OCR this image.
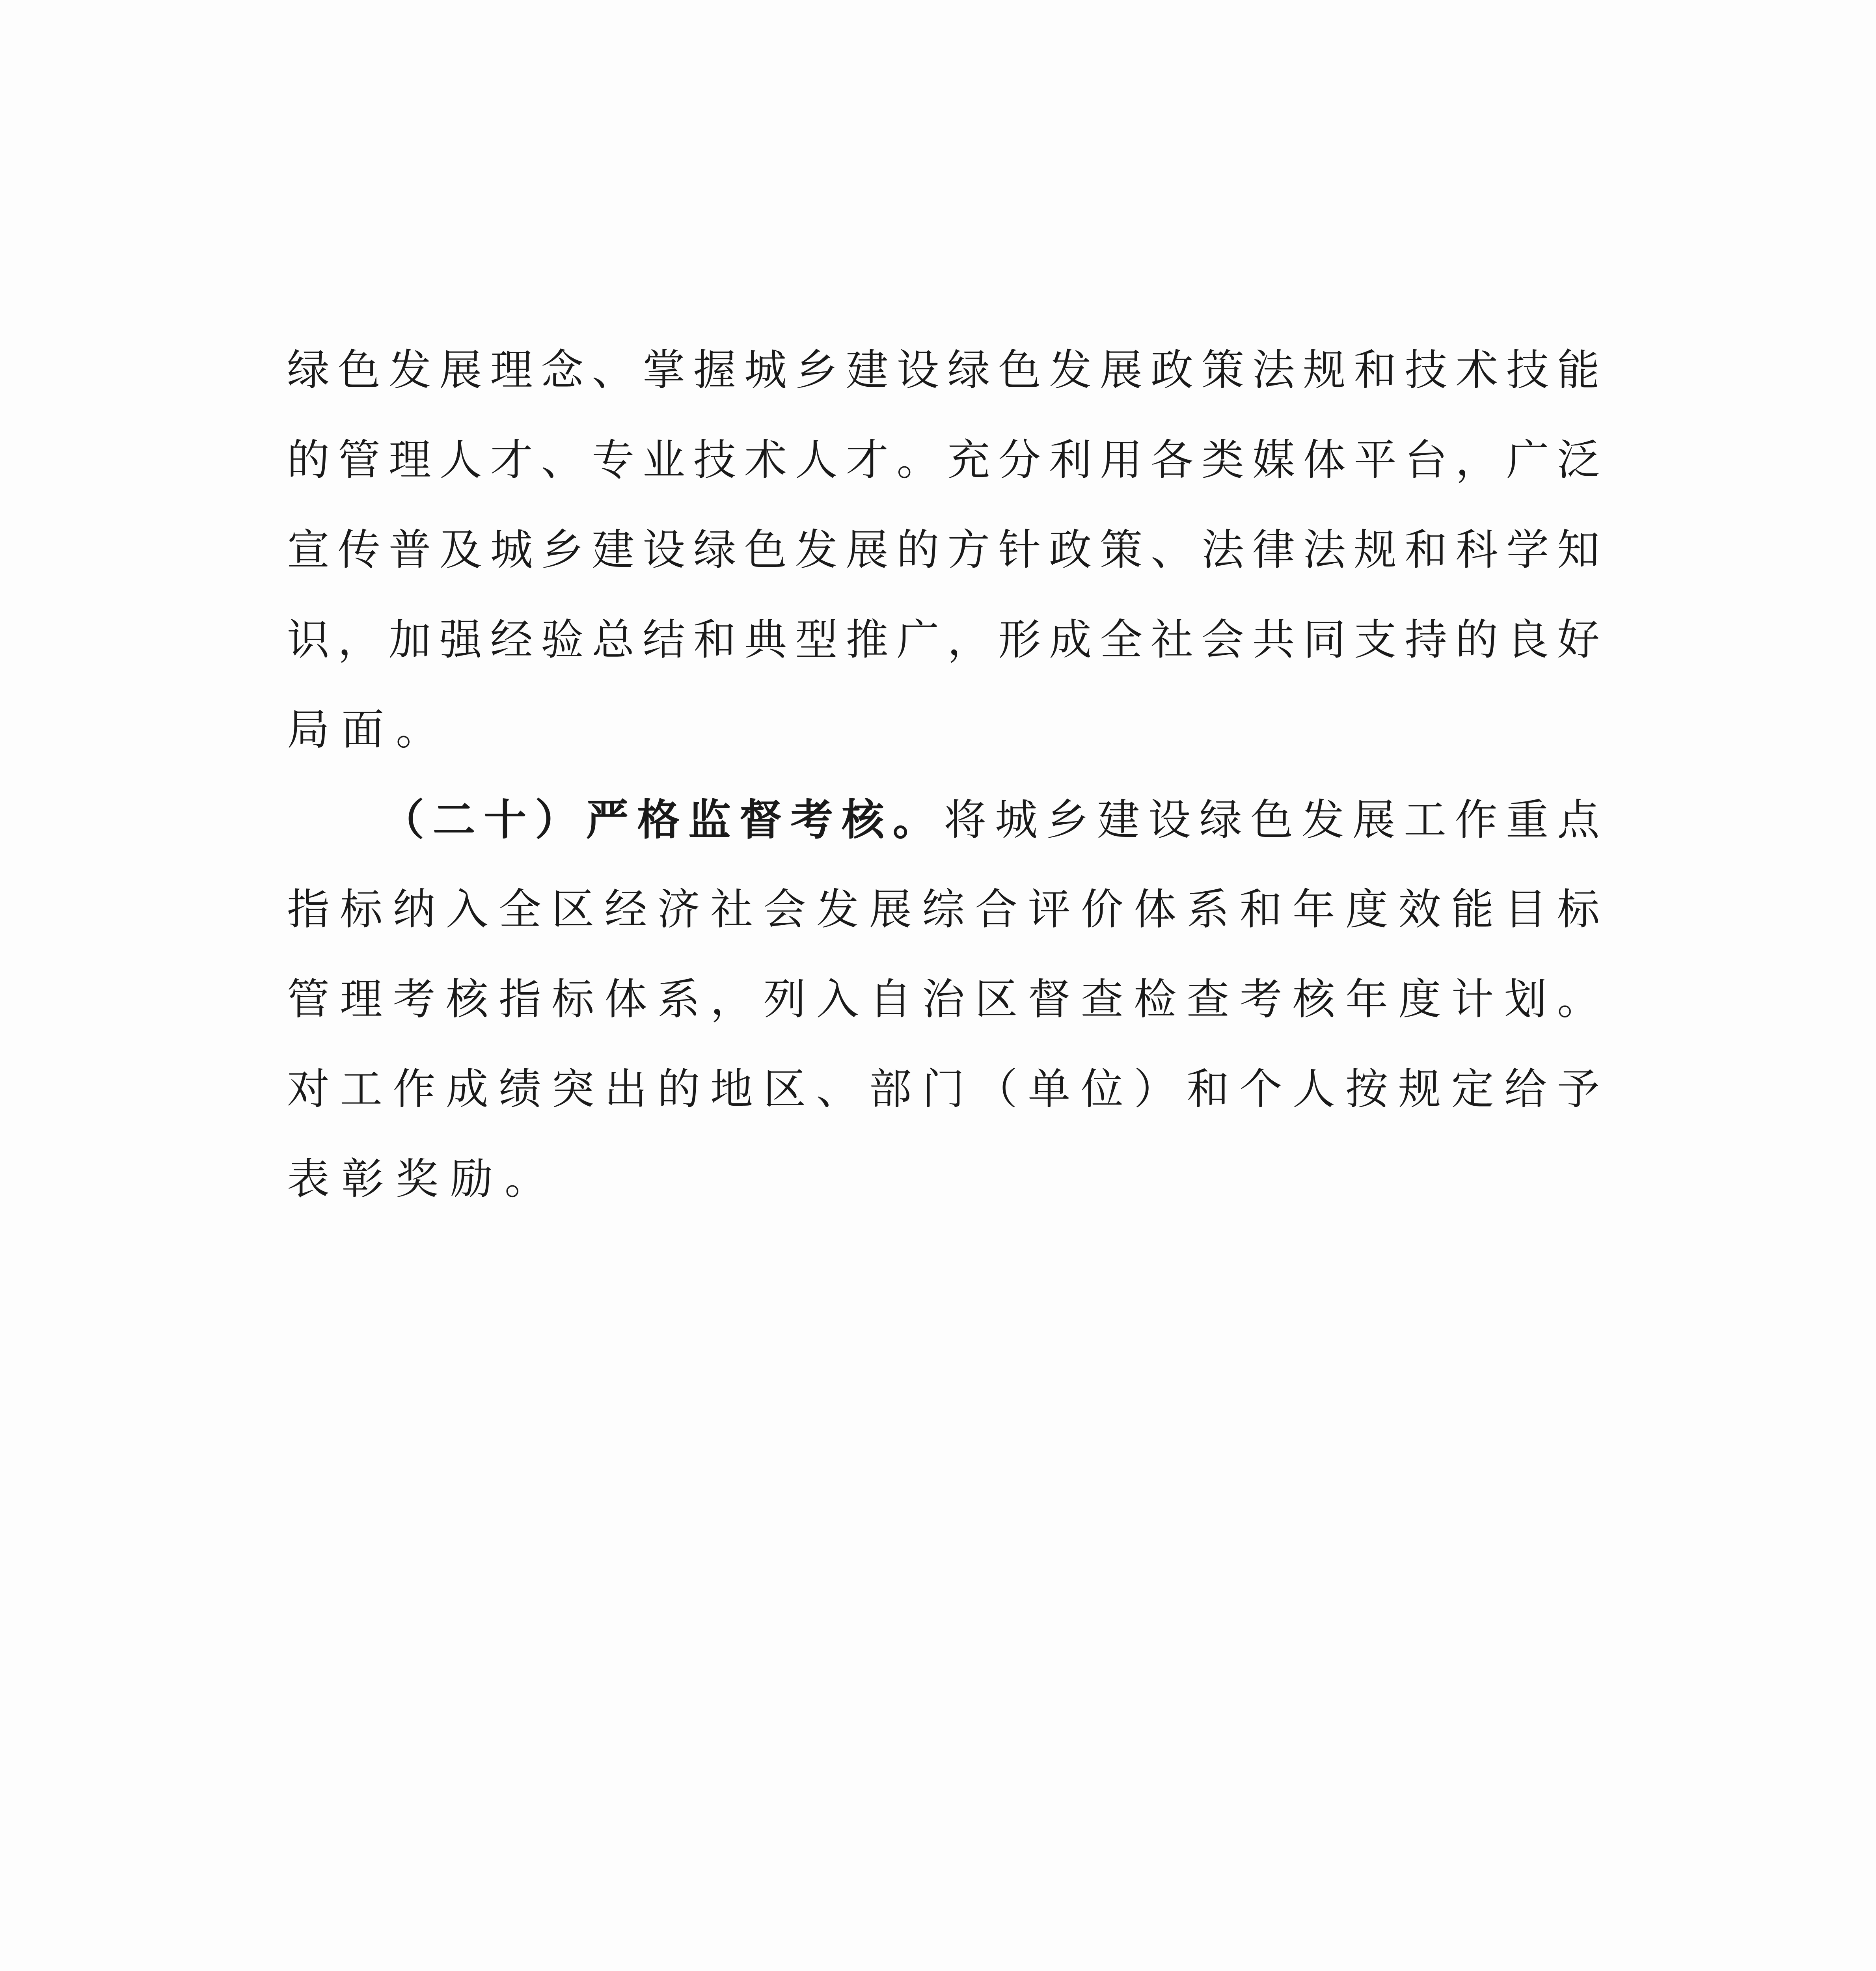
绿色发展理念、掌握城乡建设绿色发展政策法规和技术技能
的管理人才、专业技术人才。充分利用各类媒体平台，广泛
宣传普及城乡建设绿色发展的方针政策、法律法规和科学知
识，加强经验总结和典型推广，形成全社会共同支持的良好
局面。
（二十）严格监督考核。将城乡建设绿色发展工作重点
指标纳入全区经济社会发展综合评价体系和年度效能目标
管理考核指标体系，列入自治区督查检查考核年度计划。
对工作成绩突出的地区、部门（单位）和个人按规定给予
表彰奖励。
